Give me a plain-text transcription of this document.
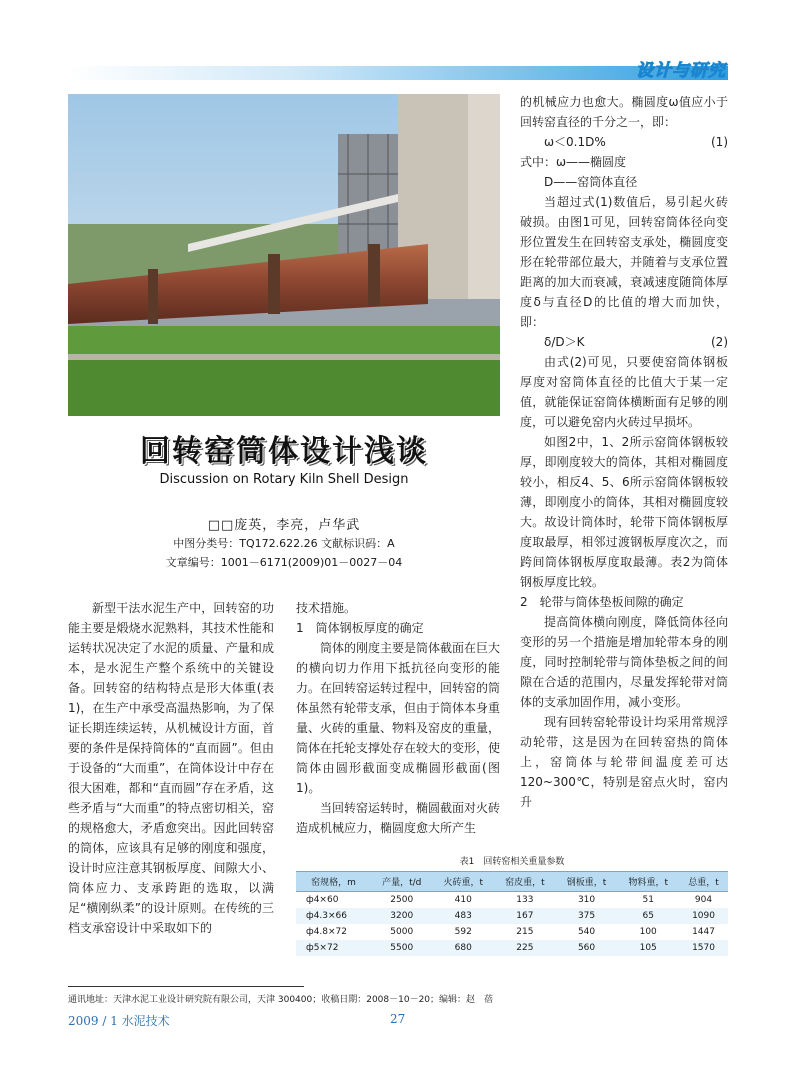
设计与研究
回转窑筒体设计浅谈
Discussion on Rotary Kiln Shell Design
□□庞英，李亮，卢华武
中图分类号：TQ172.622.26 文献标识码：A
文章编号：1001－6171(2009)01－0027－04

新型干法水泥生产中，回转窑的功能主要是煅烧水泥熟料，其技术性能和运转状况决定了水泥的质量、产量和成本，是水泥生产整个系统中的关键设备。回转窑的结构特点是形大体重(表1)，在生产中承受高温热影响，为了保证长期连续运转，从机械设计方面，首要的条件是保持筒体的“直而圆”。但由于设备的“大而重”，在筒体设计中存在很大困难，都和“直而圆”存在矛盾，这些矛盾与“大而重”的特点密切相关，窑的规格愈大，矛盾愈突出。因此回转窑的筒体，应该具有足够的刚度和强度，设计时应注意其钢板厚度、间隙大小、筒体应力、支承跨距的选取，以满足“横刚纵柔”的设计原则。在传统的三档支承窑设计中采取如下的

技术措施。

1　筒体钢板厚度的确定

筒体的刚度主要是筒体截面在巨大的横向切力作用下抵抗径向变形的能力。在回转窑运转过程中，回转窑的筒体虽然有轮带支承，但由于筒体本身重量、火砖的重量、物料及窑皮的重量，筒体在托轮支撑处存在较大的变形，使筒体由圆形截面变成椭圆形截面(图1)。

当回转窑运转时，椭圆截面对火砖造成机械应力，椭圆度愈大所产生

的机械应力也愈大。椭圆度ω值应小于回转窑直径的千分之一，即：

ω＜0.1D%	(1)

式中：ω——椭圆度

D——窑筒体直径

当超过式(1)数值后，易引起火砖破损。由图1可见，回转窑筒体径向变形位置发生在回转窑支承处，椭圆度变形在轮带部位最大，并随着与支承位置距离的加大而衰减，衰减速度随筒体厚度δ与直径D的比值的增大而加快，即：

δ/D＞K	(2)

由式(2)可见，只要使窑筒体钢板厚度对窑筒体直径的比值大于某一定值，就能保证窑筒体横断面有足够的刚度，可以避免窑内火砖过早损坏。

如图2中，1、2所示窑筒体钢板较厚，即刚度较大的筒体，其相对椭圆度较小，相反4、5、6所示窑筒体钢板较薄，即刚度小的筒体，其相对椭圆度较大。故设计筒体时，轮带下筒体钢板厚度取最厚，相邻过渡钢板厚度次之，而跨间筒体钢板厚度取最薄。表2为筒体钢板厚度比较。

2　轮带与筒体垫板间隙的确定

提高筒体横向刚度，降低筒体径向变形的另一个措施是增加轮带本身的刚度，同时控制轮带与筒体垫板之间的间隙在合适的范围内，尽量发挥轮带对筒体的支承加固作用，减小变形。

现有回转窑轮带设计均采用常规浮动轮带，这是因为在回转窑热的筒体上，窑筒体与轮带间温度差可达120~300℃，特别是窑点火时，窑内升

表1　回转窑相关重量参数
窑规格，m	产量，t/d	火砖重，t	窑皮重，t	钢板重，t	物料重，t	总重，t
ф4×60	2500	410	133	310	51	904
ф4.3×66	3200	483	167	375	65	1090
ф4.8×72	5000	592	215	540	100	1447
ф5×72	5500	680	225	560	105	1570
通讯地址：天津水泥工业设计研究院有限公司，天津 300400；收稿日期：2008－10－20；编辑：赵　蓓
2009 / 1 水泥技术	27
